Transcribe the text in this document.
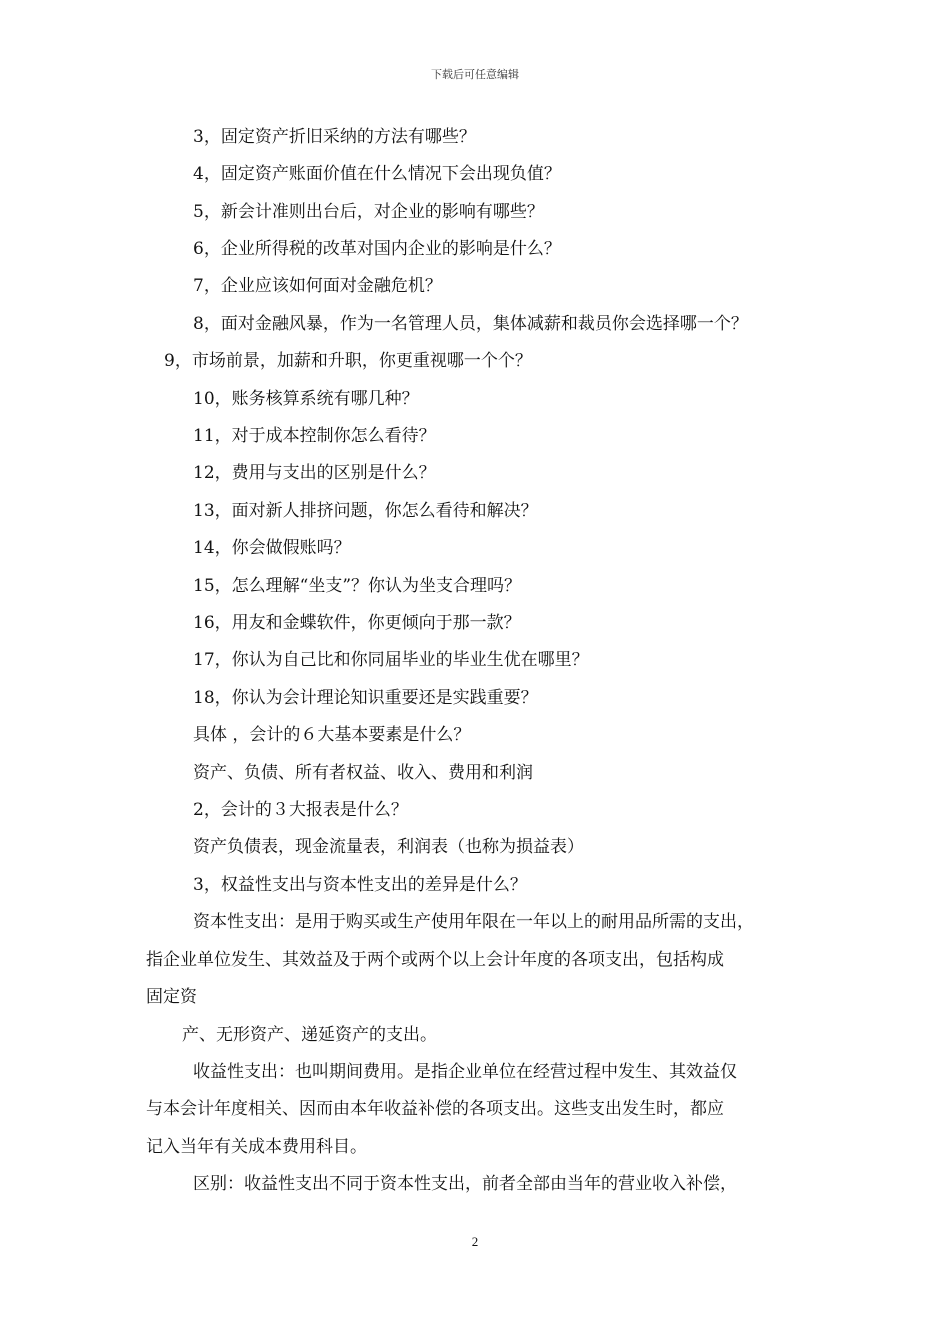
下载后可任意编辑
3，固定资产折旧采纳的方法有哪些？
4，固定资产账面价值在什么情况下会出现负值？
5，新会计准则出台后，对企业的影响有哪些？
6，企业所得税的改革对国内企业的影响是什么？
7，企业应该如何面对金融危机？
8，面对金融风暴，作为一名管理人员，集体减薪和裁员你会选择哪一个？
9，市场前景，加薪和升职，你更重视哪一个个？
10，账务核算系统有哪几种？
11，对于成本控制你怎么看待？
12，费用与支出的区别是什么？
13，面对新人排挤问题，你怎么看待和解决？
14，你会做假账吗？
15，怎么理解“坐支”？你认为坐支合理吗？
16，用友和金蝶软件，你更倾向于那一款？
17，你认为自己比和你同届毕业的毕业生优在哪里？
18，你认为会计理论知识重要还是实践重要？
具体 ，会计的６大基本要素是什么？
资产、负债、所有者权益、收入、费用和利润
2，会计的３大报表是什么？
资产负债表，现金流量表，利润表（也称为损益表）
3，权益性支出与资本性支出的差异是什么？
资本性支出：是用于购买或生产使用年限在一年以上的耐用品所需的支出，
指企业单位发生、其效益及于两个或两个以上会计年度的各项支出，包括构成
固定资
产、无形资产、递延资产的支出。
收益性支出：也叫期间费用。是指企业单位在经营过程中发生、其效益仅
与本会计年度相关、因而由本年收益补偿的各项支出。这些支出发生时，都应
记入当年有关成本费用科目。
区别：收益性支出不同于资本性支出，前者全部由当年的营业收入补偿，
2
